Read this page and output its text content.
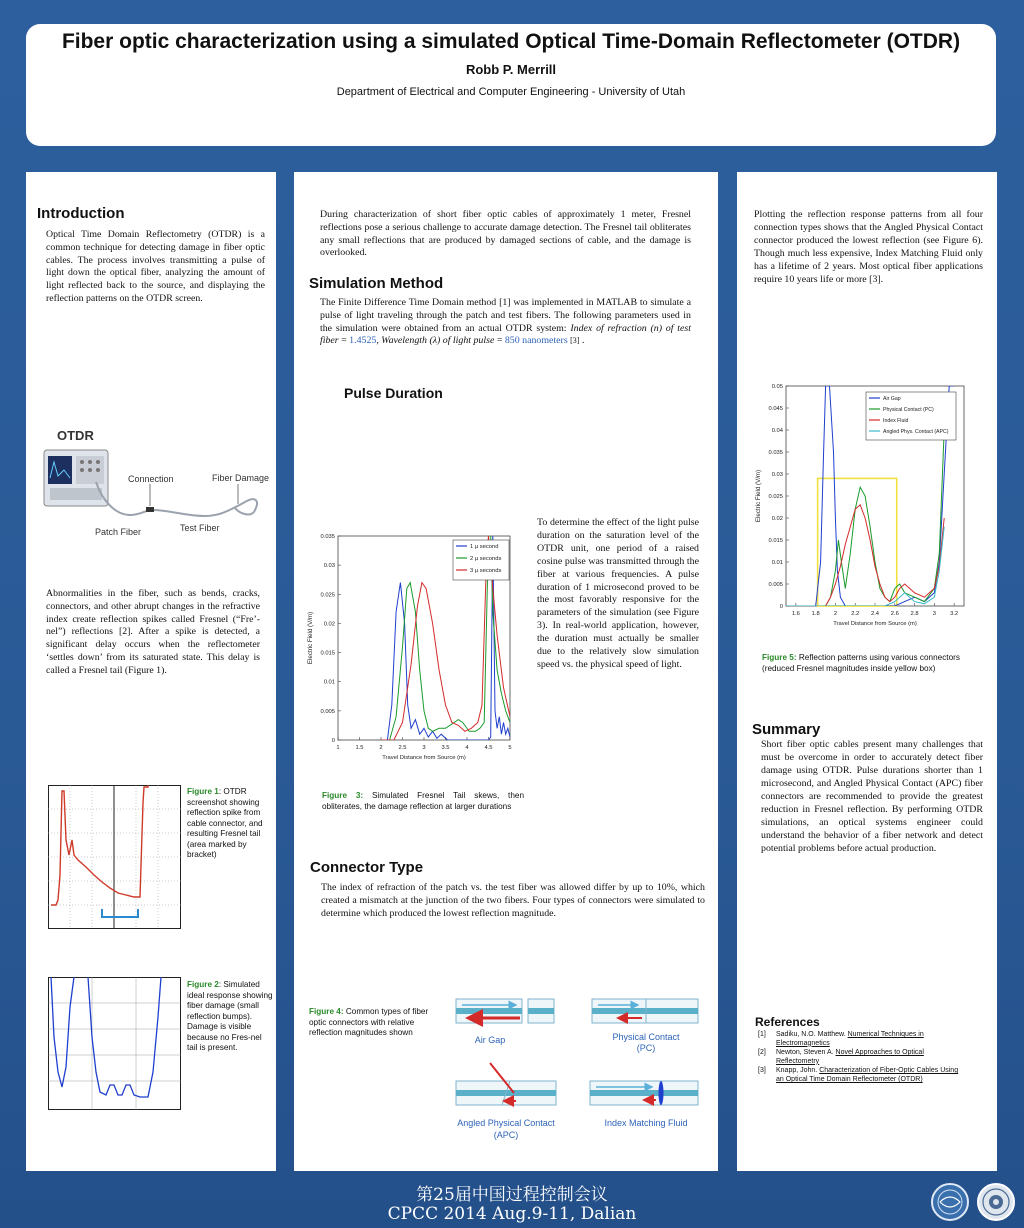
Fiber optic characterization using a simulated Optical Time-Domain Reflectometer (OTDR)
Robb P. Merrill
Department of Electrical and Computer Engineering - University of Utah
Introduction
Optical Time Domain Reflectometry (OTDR) is a common technique for detecting damage in fiber optic cables. The process involves transmitting a pulse of light down the optical fiber, analyzing the amount of light reflected back to the source, and displaying the reflection patterns on the OTDR screen.
OTDR
Connection	Fiber Damage
Patch Fiber	Test Fiber
Abnormalities in the fiber, such as bends, cracks, connectors, and other abrupt changes in the refractive index create reflection spikes called Fresnel (“Fre’-nel”) reflections [2]. After a spike is detected, a significant delay occurs when the reflectometer ‘settles down’ from its saturated state. This delay is called a Fresnel tail (Figure 1).
Figure 1: OTDR screenshot showing reflection spike from cable connector, and resulting Fresnel tail (area marked by bracket)
Figure 2: Simulated ideal response showing fiber damage (small reflection bumps). Damage is visible because no Fres-nel tail is present.
During characterization of short fiber optic cables of approximately 1 meter, Fresnel reflections pose a serious challenge to accurate damage detection. The Fresnel tail obliterates any small reflections that are produced by damaged sections of cable, and the damage is overlooked.
Simulation Method
The Finite Difference Time Domain method [1] was implemented in MATLAB to simulate a pulse of light traveling through the patch and test fibers. The following parameters used in the simulation were obtained from an actual OTDR system: Index of refraction (n) of test fiber = 1.4525, Wavelength (λ) of light pulse = 850 nanometers [3] .
Pulse Duration
To determine the effect of the light pulse duration on the saturation level of the OTDR unit, one period of a raised cosine pulse was transmitted through the fiber at various frequencies. A pulse duration of 1 microsecond proved to be the most favorably responsive for the parameters of the simulation (see Figure 3). In real-world application, however, the duration must actually be smaller due to the relatively slow simulation speed vs. the physical speed of light.
0
0.005
0.01
0.015
0.02
0.025
0.03
0.035
1	1.5	2	2.5	3	3.5	4	4.5	5
Travel Distance from Source (m)
Electric Field (V/m)
1 µ second
2 µ seconds
3 µ seconds
Figure 3: Simulated Fresnel Tail skews, then obliterates, the damage reflection at larger durations
Connector Type
The index of refraction of the patch vs. the test fiber was allowed differ by up to 10%, which created a mismatch at the junction of the two fibers. Four types of connectors were simulated to determine which produced the lowest reflection magnitude.
Figure 4: Common types of fiber optic connectors with relative reflection magnitudes shown
Air Gap	Physical Contact
(PC)
Angled Physical Contact
(APC)
Index Matching Fluid
Plotting the reflection response patterns from all four connection types shows that the Angled Physical Contact connector produced the lowest reflection (see Figure 6). Though much less expensive, Index Matching Fluid only has a lifetime of 2 years. Most optical fiber applications require 10 years life or more [3].
0
0.005
0.01
0.015
0.02
0.025
0.03
0.035
0.04
0.045
0.05
1.6 1.8 2 2.2 2.4 2.6 2.8 3 3.2
Travel Distance from Source (m)
Electric Field (V/m)
Air Gap
Physical Contact (PC)
Index Fluid
Angled Phys. Contact (APC)
Figure 5: Reflection patterns using various connectors (reduced Fresnel magnitudes inside yellow box)
Summary
Short fiber optic cables present many challenges that must be overcome in order to accurately detect fiber damage using OTDR. Pulse durations shorter than 1 microsecond, and Angled Physical Contact (APC) fiber connectors are recommended to provide the greatest reduction in Fresnel reflection. By performing OTDR simulations, an optical systems engineer could understand the behavior of a fiber network and detect potential problems before actual production.
References
[1]	Sadiku, N.O. Matthew. Numerical Techniques in Electromagnetics
[2]	Newton, Steven A. Novel Approaches to Optical Reflectometry
[3]	Knapp, John. Characterization of Fiber-Optic Cables Using an Optical Time Domain Reflectometer (OTDR)
第25届中国过程控制会议
CPCC 2014 Aug.9-11, Dalian
